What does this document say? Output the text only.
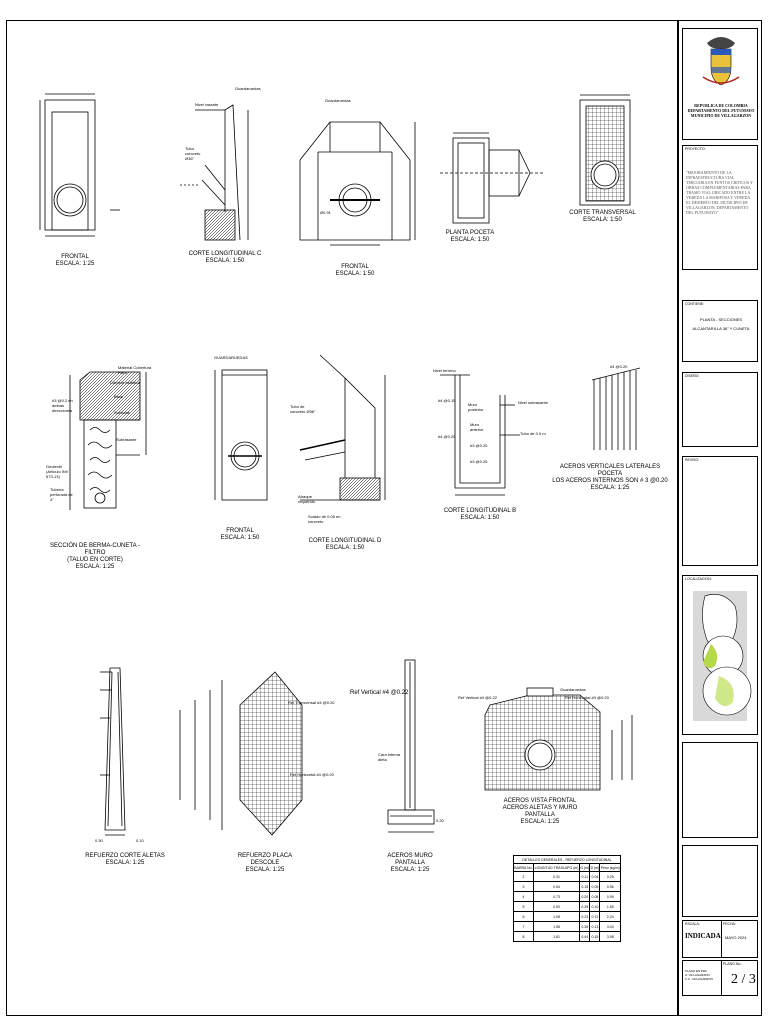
FRONTAL
ESCALA: 1:25
Nivel rasante
Guardaruedas
Tubo concreto Ø36"
CORTE LONGITUDINAL C
ESCALA: 1:50
Guardaruedas
Ø0.91
FRONTAL
ESCALA: 1:50
PLANTA POCETA
ESCALA: 1:50
CORTE TRANSVERSAL
ESCALA: 1:50
Material Cobertura Filtro
Carpeta asfáltica
Base
Subbase
Subrasante
#3 @0.2 en ambas direcciones
Geotextil (Articulo INV 673-13)
Tubería perforada de 4"
SECCIÓN DE BERMA-CUNETA -FILTRO
(TALUD EN CORTE)
ESCALA: 1:25
GUARDARUEDAS
FRONTAL
ESCALA: 1:50
Tubo de concreto Ø36"
Atraque requerido
Solado de 0.05 en concreto
CORTE LONGITUDINAL D
ESCALA: 1:50
Nivel terreno
Nivel subrasante
Muro posterior
Muro anterior
Tubo de 0.9 m
#4 @0.15
#4 @0.20
#3 @0.20
#3 @0.25
CORTE LONGITUDINAL B
ESCALA: 1:50
#4 @0.20
ACEROS VERTICALES LATERALES POCETA
LOS ACEROS INTERNOS SON # 3 @0.20
ESCALA: 1:25
0.30	0.10
REFUERZO CORTE ALETAS
ESCALA: 1:25
Ref Transversal #4 @0.20
Ref Horizontal #4 @0.20
REFUERZO PLACA DESCOLE
ESCALA: 1:25
Ref Vertical #4 @0.22
Cara interna aleta
0.20
ACEROS MURO PANTALLA
ESCALA: 1:25
Guardaruedas
Ref Vertical #4 @0.22	Ref Horizontal #3 @0.20
ACEROS VISTA FRONTAL
ACEROS ALETAS Y MURO PANTALLA
ESCALA: 1:25
DETALLES GENERALES - REFUERZO LONGITUDINAL				
BARRA No.	LONGITUD TRASLAPO (m)	G (m)	D (m)	Peso (kg/m)
2	0.31	0.11	0.04	0.25
3	0.54	0.15	0.05	0.56
4	0.73	0.20	0.08	0.99
5	0.90	0.25	0.10	1.55
6	1.08	0.23	0.12	2.24
7	1.58	0.35	0.13	3.04
8	1.81	0.44	0.15	3.98
REPUBLICA DE COLOMBIA
DEPARTAMENTO DEL PUTUMAYO
MUNICIPIO DE VILLAGARZON
PROYECTO:
"MEJORAMIENTO DE LA INFRAESTRUCTURA VIAL TERCIARIA EN PUNTOS CRITICOS Y OBRAS COMPLEMENTARIAS PARA TRAMO VIAL UBICADO ENTRE LA VEREDA LA MARIPOSA Y VEREDA EL DESIERTO DEL MUNICIPIO DE VILLAGARZON, DEPARTAMENTO DEL PUTUMAYO"
CONTIENE:
PLANTA - SECCIONES
ALCANTARILLA 36" Y CUNETA
DISEÑO:
REVISO:
LOCALIZACION:
ESCALA:
INDICADA
FECHA:
MAYO 2024
PLANO EN PDF
A: VILLAGARZON
C.C. VILLAGARZON
PLANO No.:
2 / 3
